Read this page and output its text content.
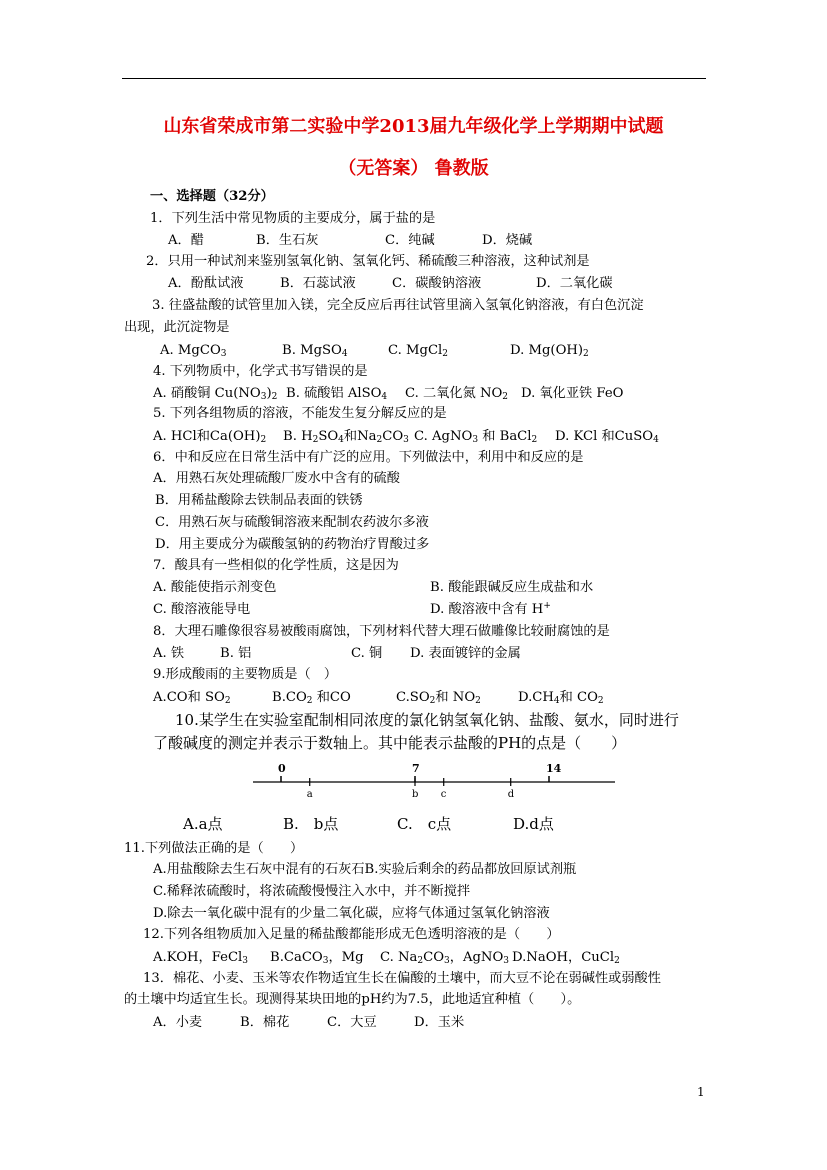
山东省荣成市第二实验中学2013届九年级化学上学期期中试题
（无答案） 鲁教版
一、选择题（32分）
1．下列生活中常见物质的主要成分，属于盐的是
A．醋	B．生石灰	C．纯碱	D．烧碱
2．只用一种试剂来鉴别氢氧化钠、氢氧化钙、稀硫酸三种溶液，这种试剂是
A．酚酞试液	B．石蕊试液	C．碳酸钠溶液	D．二氧化碳
3. 往盛盐酸的试管里加入镁，完全反应后再往试管里滴入氢氧化钠溶液，有白色沉淀
出现，此沉淀物是
A. MgCO$_3$	B. MgSO$_4$	C. MgCl$_2$	D. $Mg(OH)_2$
4. 下列物质中，化学式书写错误的是
A. 硝酸铜 $Cu(NO_3)_2$ B. 硫酸铝 AlSO$_4$ C. 二氧化氮 $NO_2$ D. 氧化亚铁 FeO
5. 下列各组物质的溶液，不能发生复分解反应的是
A. HCl和$Ca(OH)_2$ B. $H_2SO_4$和$Na_2CO_3$ C. AgNO$_3$ 和 BaCl$_2$ D. KCl 和CuSO$_4$
6．中和反应在日常生活中有广泛的应用。下列做法中，利用中和反应的是
A．用熟石灰处理硫酸厂废水中含有的硫酸
B．用稀盐酸除去铁制品表面的铁锈
C．用熟石灰与硫酸铜溶液来配制农药波尔多液
D．用主要成分为碳酸氢钠的药物治疗胃酸过多
7．酸具有一些相似的化学性质，这是因为
A. 酸能使指示剂变色	B. 酸能跟碱反应生成盐和水
C. 酸溶液能导电	D. 酸溶液中含有 H+
8．大理石雕像很容易被酸雨腐蚀，下列材料代替大理石做雕像比较耐腐蚀的是
A. 铁	B. 铝	C. 铜 D. 表面镀锌的金属
9.形成酸雨的主要物质是（　）
A.CO和 $SO_2$	$B.CO_2$ 和CO	$C.SO_2$和 $NO_2$	$D.CH_4$和 $CO_2$
10.某学生在实验室配制相同浓度的氯化钠氢氧化钠、盐酸、氨水，同时进行
了酸碱度的测定并表示于数轴上。其中能表示盐酸的PH的点是（　　）
0	7	14
a	b c	d
A.a点	B.　b点	C.　c点	D.d点
11.下列做法正确的是（　　）
A.用盐酸除去生石灰中混有的石灰石B.实验后剩余的药品都放回原试剂瓶
C.稀释浓硫酸时，将浓硫酸慢慢注入水中，并不断搅拌
D.除去一氧化碳中混有的少量二氧化碳，应将气体通过氢氧化钠溶液
12.下列各组物质加入足量的稀盐酸都能形成无色透明溶液的是（　　）
A.KOH，FeCl$_3$ B.CaCO$_3$，Mg C. $Na_2CO_3$，AgNO$_3$ D.NaOH，CuCl$_2$
13．棉花、小麦、玉米等农作物适宜生长在偏酸的土壤中，而大豆不论在弱碱性或弱酸性
的土壤中均适宜生长。现测得某块田地的pH约为7.5，此地适宜种植（　　）。
A．小麦	B．棉花	C．大豆	D．玉米
1
